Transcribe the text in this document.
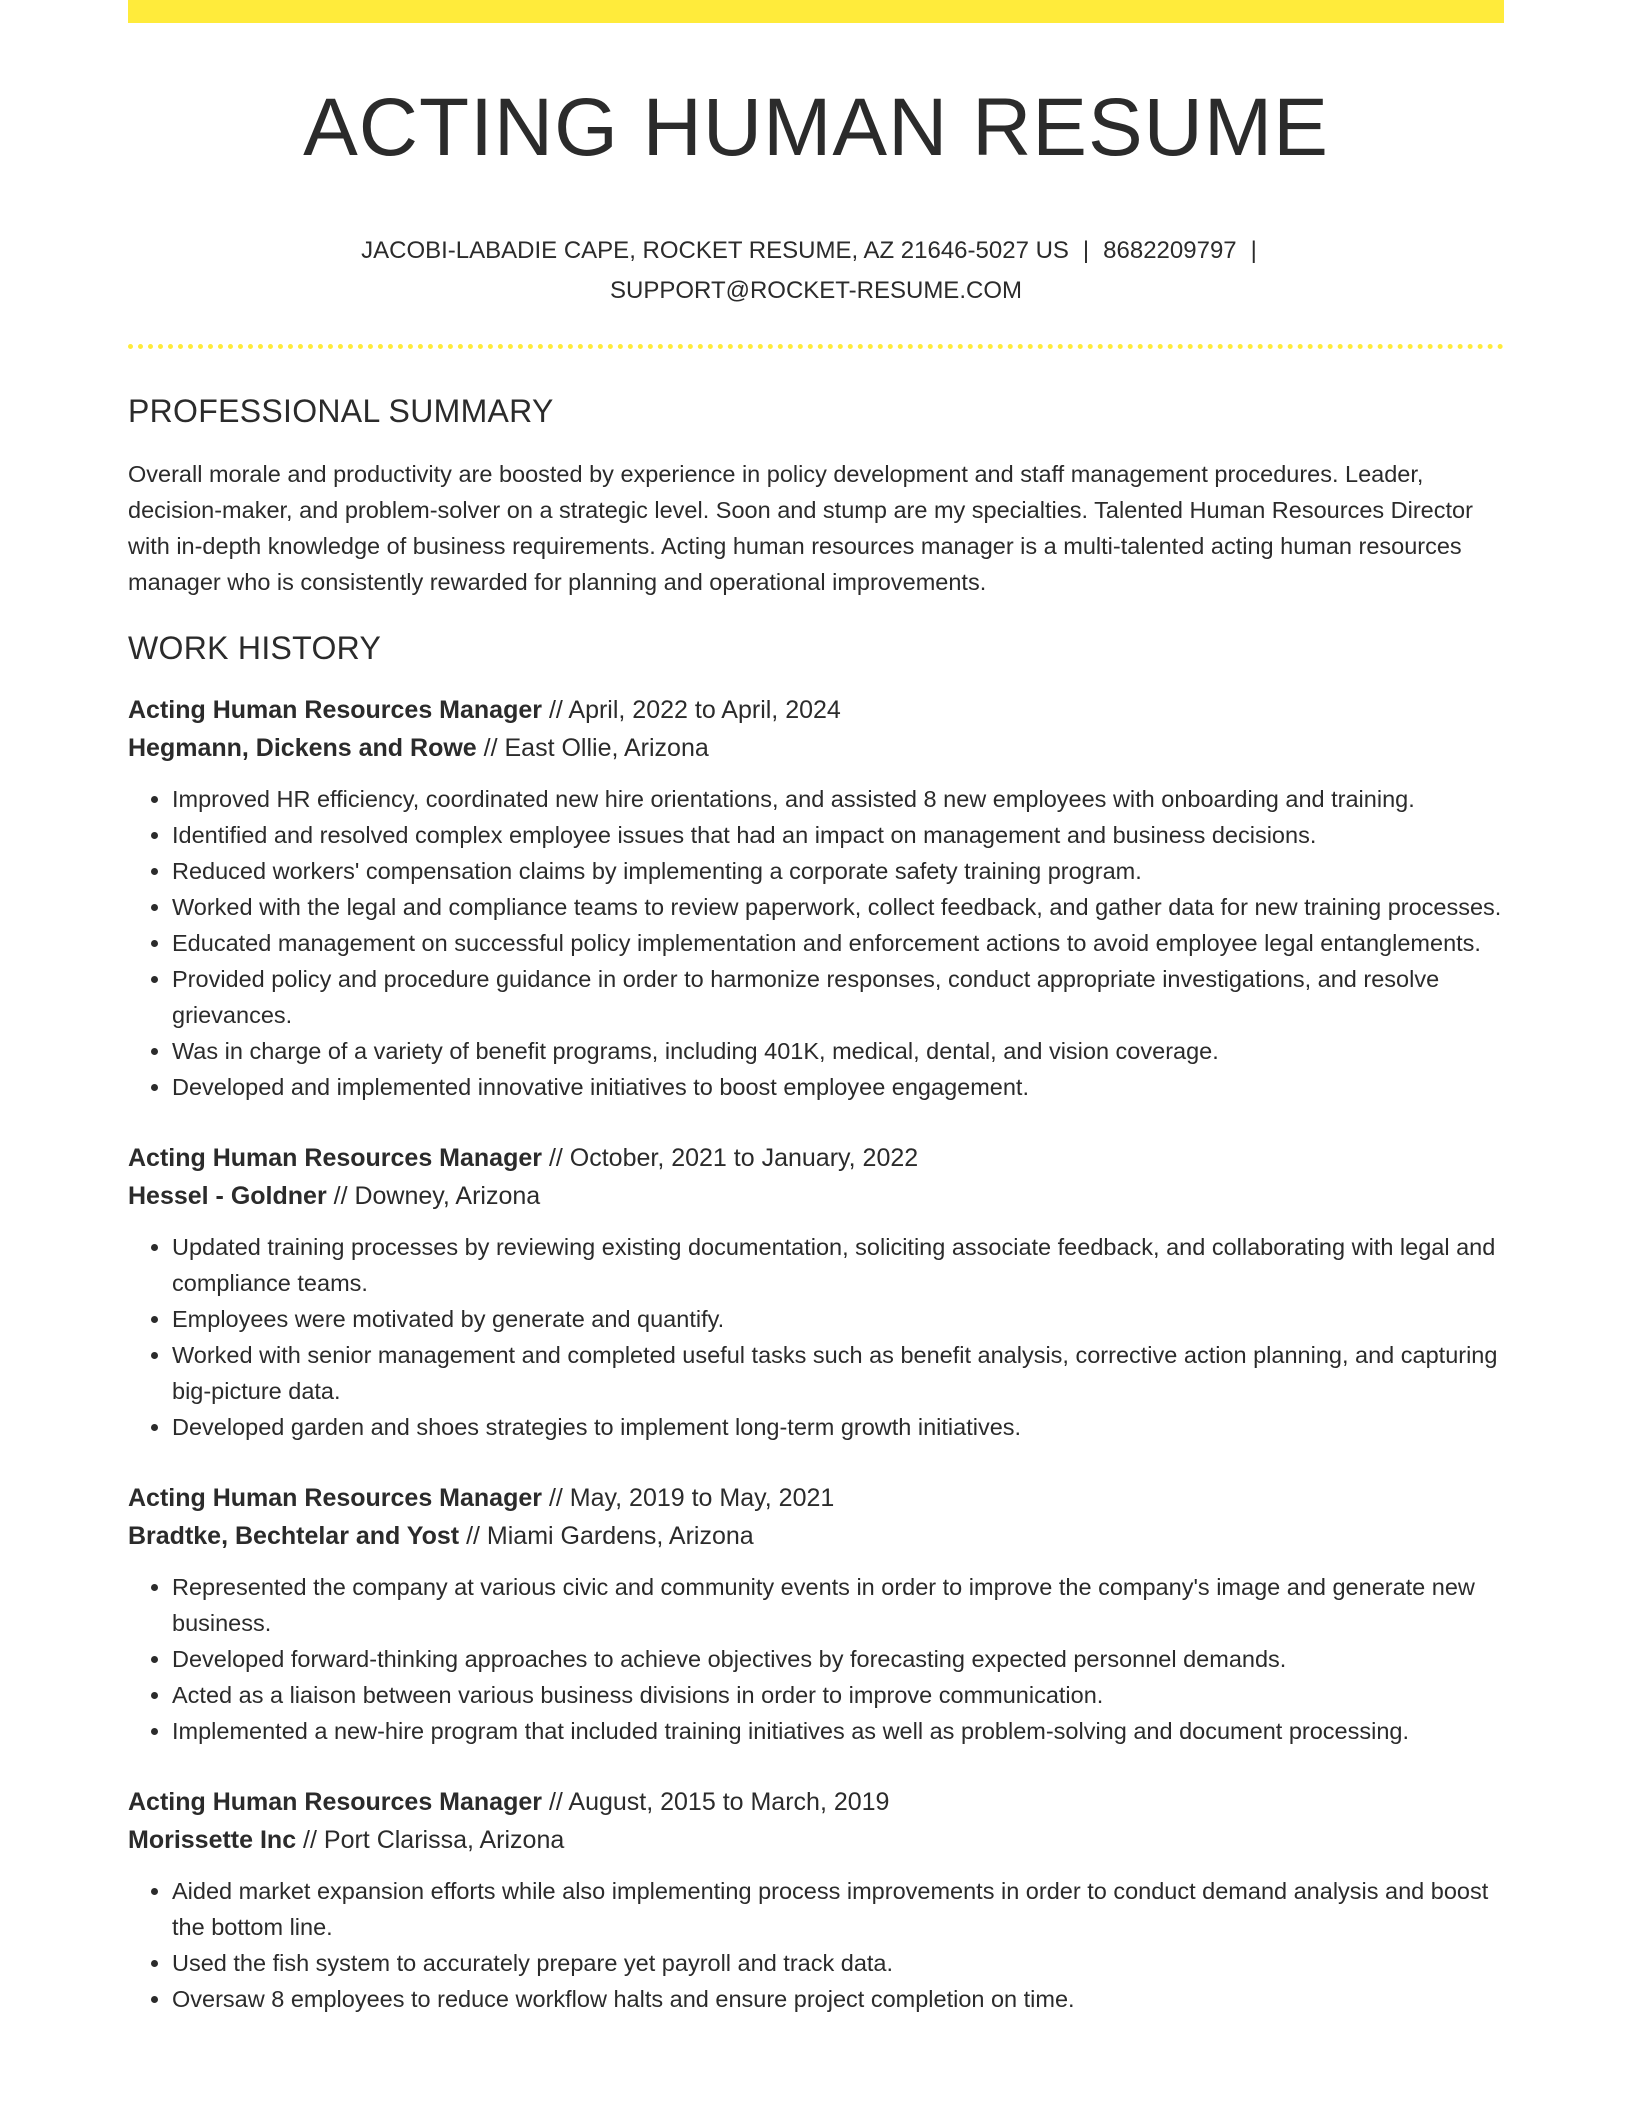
ACTING HUMAN RESUME
JACOBI-LABADIE CAPE, ROCKET RESUME, AZ 21646-5027 US | 8682209797 |
SUPPORT@ROCKET-RESUME.COM
PROFESSIONAL SUMMARY
Overall morale and productivity are boosted by experience in policy development and staff management procedures. Leader, decision-maker, and problem-solver on a strategic level. Soon and stump are my specialties. Talented Human Resources Director with in-depth knowledge of business requirements. Acting human resources manager is a multi-talented acting human resources manager who is consistently rewarded for planning and operational improvements.
WORK HISTORY
Acting Human Resources Manager // April, 2022 to April, 2024
Hegmann, Dickens and Rowe // East Ollie, Arizona
• Improved HR efficiency, coordinated new hire orientations, and assisted 8 new employees with onboarding and training.
• Identified and resolved complex employee issues that had an impact on management and business decisions.
• Reduced workers' compensation claims by implementing a corporate safety training program.
• Worked with the legal and compliance teams to review paperwork, collect feedback, and gather data for new training processes.
• Educated management on successful policy implementation and enforcement actions to avoid employee legal entanglements.
• Provided policy and procedure guidance in order to harmonize responses, conduct appropriate investigations, and resolve grievances.
• Was in charge of a variety of benefit programs, including 401K, medical, dental, and vision coverage.
• Developed and implemented innovative initiatives to boost employee engagement.
Acting Human Resources Manager // October, 2021 to January, 2022
Hessel - Goldner // Downey, Arizona
• Updated training processes by reviewing existing documentation, soliciting associate feedback, and collaborating with legal and compliance teams.
• Employees were motivated by generate and quantify.
• Worked with senior management and completed useful tasks such as benefit analysis, corrective action planning, and capturing big-picture data.
• Developed garden and shoes strategies to implement long-term growth initiatives.
Acting Human Resources Manager // May, 2019 to May, 2021
Bradtke, Bechtelar and Yost // Miami Gardens, Arizona
• Represented the company at various civic and community events in order to improve the company's image and generate new business.
• Developed forward-thinking approaches to achieve objectives by forecasting expected personnel demands.
• Acted as a liaison between various business divisions in order to improve communication.
• Implemented a new-hire program that included training initiatives as well as problem-solving and document processing.
Acting Human Resources Manager // August, 2015 to March, 2019
Morissette Inc // Port Clarissa, Arizona
• Aided market expansion efforts while also implementing process improvements in order to conduct demand analysis and boost the bottom line.
• Used the fish system to accurately prepare yet payroll and track data.
• Oversaw 8 employees to reduce workflow halts and ensure project completion on time.
